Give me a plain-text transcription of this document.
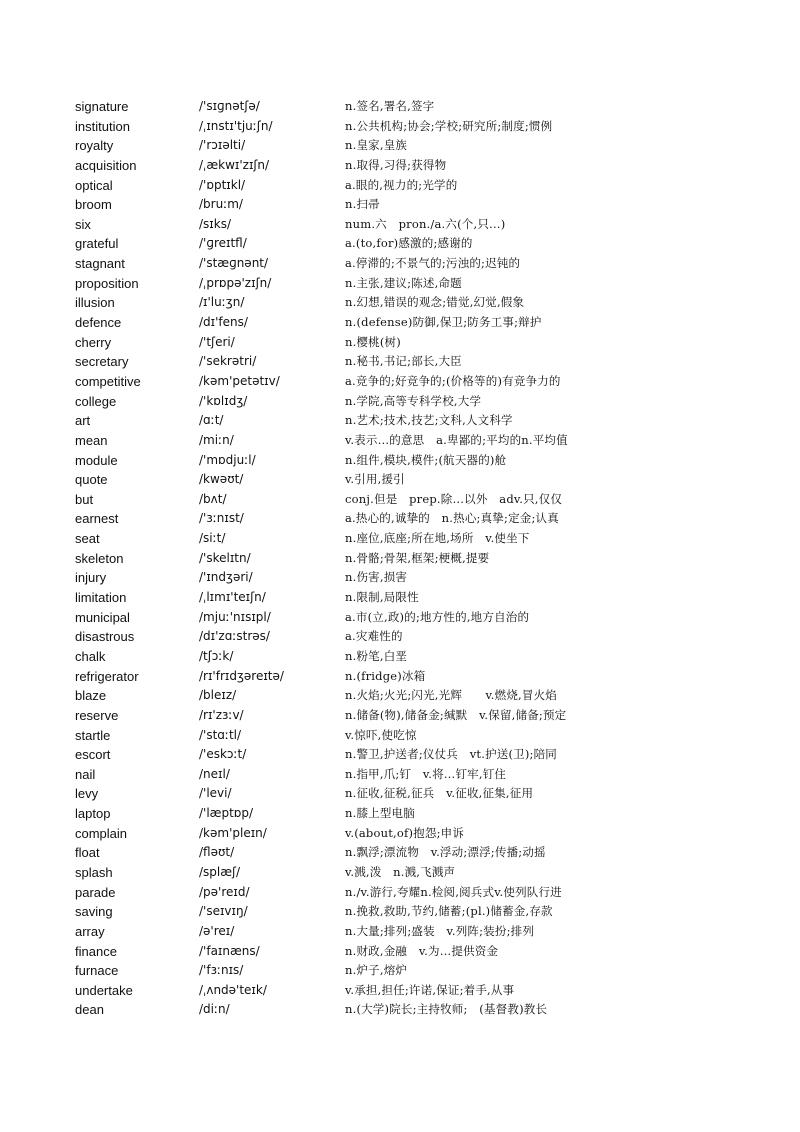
signature	/'sɪɡnətʃə/	n.签名,署名,签字
institution	/ˌɪnstɪ'tjuːʃn/	n.公共机构;协会;学校;研究所;制度;惯例
royalty	/'rɔɪəlti/	n.皇家,皇族
acquisition	/ˌækwɪ'zɪʃn/	n.取得,习得;获得物
optical	/'ɒptɪkl/	a.眼的,视力的;光学的
broom	/bruːm/	n.扫帚
six	/sɪks/	num.六　pron./a.六(个,只…)
grateful	/'ɡreɪtfl/	a.(to,for)感激的;感谢的
stagnant	/'stæɡnənt/	a.停滞的;不景气的;污浊的;迟钝的
proposition	/ˌprɒpə'zɪʃn/	n.主张,建议;陈述,命题
illusion	/ɪ'luːʒn/	n.幻想,错误的观念;错觉,幻觉,假象
defence	/dɪ'fens/	n.(defense)防御,保卫;防务工事;辩护
cherry	/'tʃeri/	n.樱桃(树)
secretary	/'sekrətri/	n.秘书,书记;部长,大臣
competitive	/kəm'petətɪv/	a.竞争的;好竞争的;(价格等的)有竞争力的
college	/'kɒlɪdʒ/	n.学院,高等专科学校,大学
art	/ɑːt/	n.艺术;技术,技艺;文科,人文科学
mean	/miːn/	v.表示…的意思　a.卑鄙的;平均的n.平均值
module	/'mɒdjuːl/	n.组件,模块,模件;(航天器的)舱
quote	/kwəʊt/	v.引用,援引
but	/bʌt/	conj.但是　prep.除…以外　adv.只,仅仅
earnest	/'ɜːnɪst/	a.热心的,诚挚的　n.热心;真挚;定金;认真
seat	/siːt/	n.座位,底座;所在地,场所　v.使坐下
skeleton	/'skelɪtn/	n.骨骼;骨架,框架;梗概,提要
injury	/'ɪndʒəri/	n.伤害,损害
limitation	/ˌlɪmɪ'teɪʃn/	n.限制,局限性
municipal	/mjuː'nɪsɪpl/	a.市(立,政)的;地方性的,地方自治的
disastrous	/dɪ'zɑːstrəs/	a.灾难性的
chalk	/tʃɔːk/	n.粉笔,白垩
refrigerator	/rɪ'frɪdʒəreɪtə/	n.(fridge)冰箱
blaze	/bleɪz/	n.火焰;火光;闪光,光辉　　v.燃烧,冒火焰
reserve	/rɪ'zɜːv/	n.储备(物),储备金;缄默　v.保留,储备;预定
startle	/'stɑːtl/	v.惊吓,使吃惊
escort	/'eskɔːt/	n.警卫,护送者;仪仗兵　vt.护送(卫);陪同
nail	/neɪl/	n.指甲,爪;钉　v.将…钉牢,钉住
levy	/'levi/	n.征收,征税,征兵　v.征收,征集,征用
laptop	/'læptɒp/	n.膝上型电脑
complain	/kəm'pleɪn/	v.(about,of)抱怨;申诉
float	/fləʊt/	n.飘浮;漂流物　v.浮动;漂浮;传播;动摇
splash	/splæʃ/	v.溅,泼　n.溅,飞溅声
parade	/pə'reɪd/	n./v.游行,夸耀n.检阅,阅兵式v.使列队行进
saving	/'seɪvɪŋ/	n.挽救,救助,节约,储蓄;(pl.)储蓄金,存款
array	/ə'reɪ/	n.大量;排列;盛装　v.列阵;装扮;排列
finance	/'faɪnæns/	n.财政,金融　v.为…提供资金
furnace	/'fɜːnɪs/	n.炉子,熔炉
undertake	/ˌʌndə'teɪk/	v.承担,担任;许诺,保证;着手,从事
dean	/diːn/	n.(大学)院长;主持牧师;　(基督教)教长
